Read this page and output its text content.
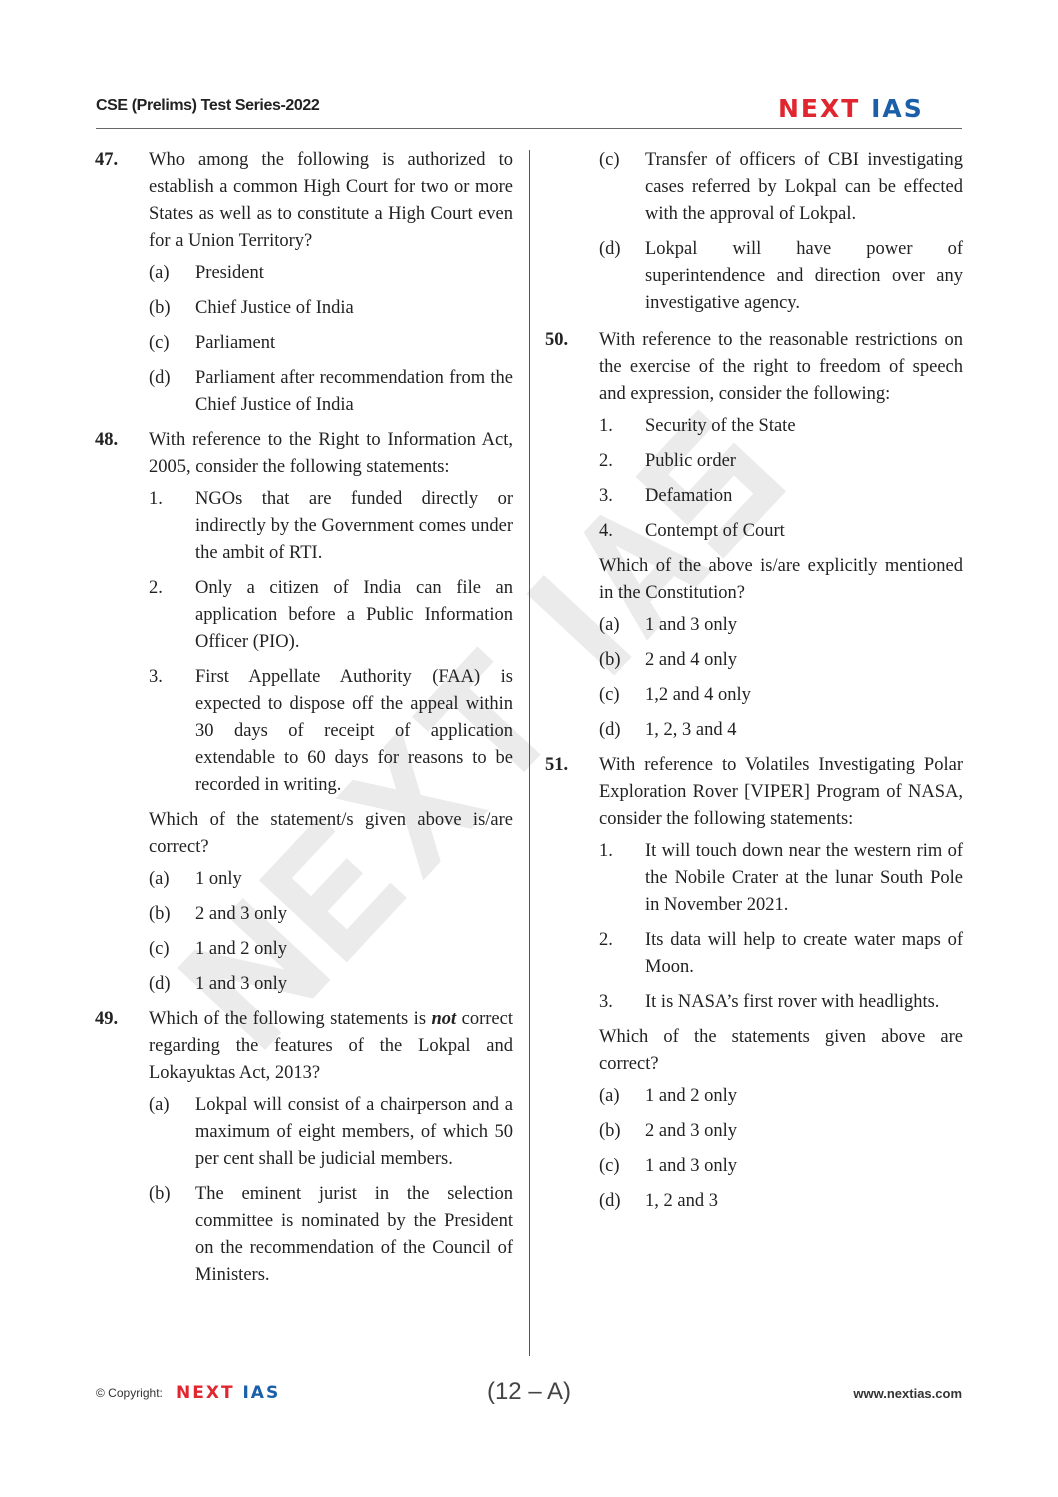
CSE (Prelims) Test Series-2022	NEXT IAS
47. Who among the following is authorized to establish a common High Court for two or more States as well as to constitute a High Court even for a Union Territory?

(a) President
(b) Chief Justice of India
(c) Parliament
(d) Parliament after recommendation from the Chief Justice of India
48. With reference to the Right to Information Act, 2005, consider the following statements:

1. NGOs that are funded directly or indirectly by the Government comes under the ambit of RTI.
2. Only a citizen of India can file an application before a Public Information Officer (PIO).
3. First Appellate Authority (FAA) is expected to dispose off the appeal within 30 days of receipt of application extendable to 60 days for reasons to be recorded in writing.

Which of the statement/s given above is/are correct?

(a) 1 only
(b) 2 and 3 only
(c) 1 and 2 only
(d) 1 and 3 only
49. Which of the following statements is not correct regarding the features of the Lokpal and Lokayuktas Act, 2013?

(a) Lokpal will consist of a chairperson and a maximum of eight members, of which 50 per cent shall be judicial members.
(b) The eminent jurist in the selection committee is nominated by the President on the recommendation of the Council of Ministers.
(c) Transfer of officers of CBI investigating cases referred by Lokpal can be effected with the approval of Lokpal.
(d) Lokpal will have power of superintendence and direction over any investigative agency.
50. With reference to the reasonable restrictions on the exercise of the right to freedom of speech and expression, consider the following:

1. Security of the State
2. Public order
3. Defamation
4. Contempt of Court

Which of the above is/are explicitly mentioned in the Constitution?

(a) 1 and 3 only
(b) 2 and 4 only
(c) 1,2 and 4 only
(d) 1, 2, 3 and 4
51. With reference to Volatiles Investigating Polar Exploration Rover [VIPER] Program of NASA, consider the following statements:

1. It will touch down near the western rim of the Nobile Crater at the lunar South Pole in November 2021.
2. Its data will help to create water maps of Moon.
3. It is NASA’s first rover with headlights.

Which of the statements given above are correct?

(a) 1 and 2 only
(b) 2 and 3 only
(c) 1 and 3 only
(d) 1, 2 and 3
© Copyright: NEXT IAS	(12 – A)	www.nextias.com
